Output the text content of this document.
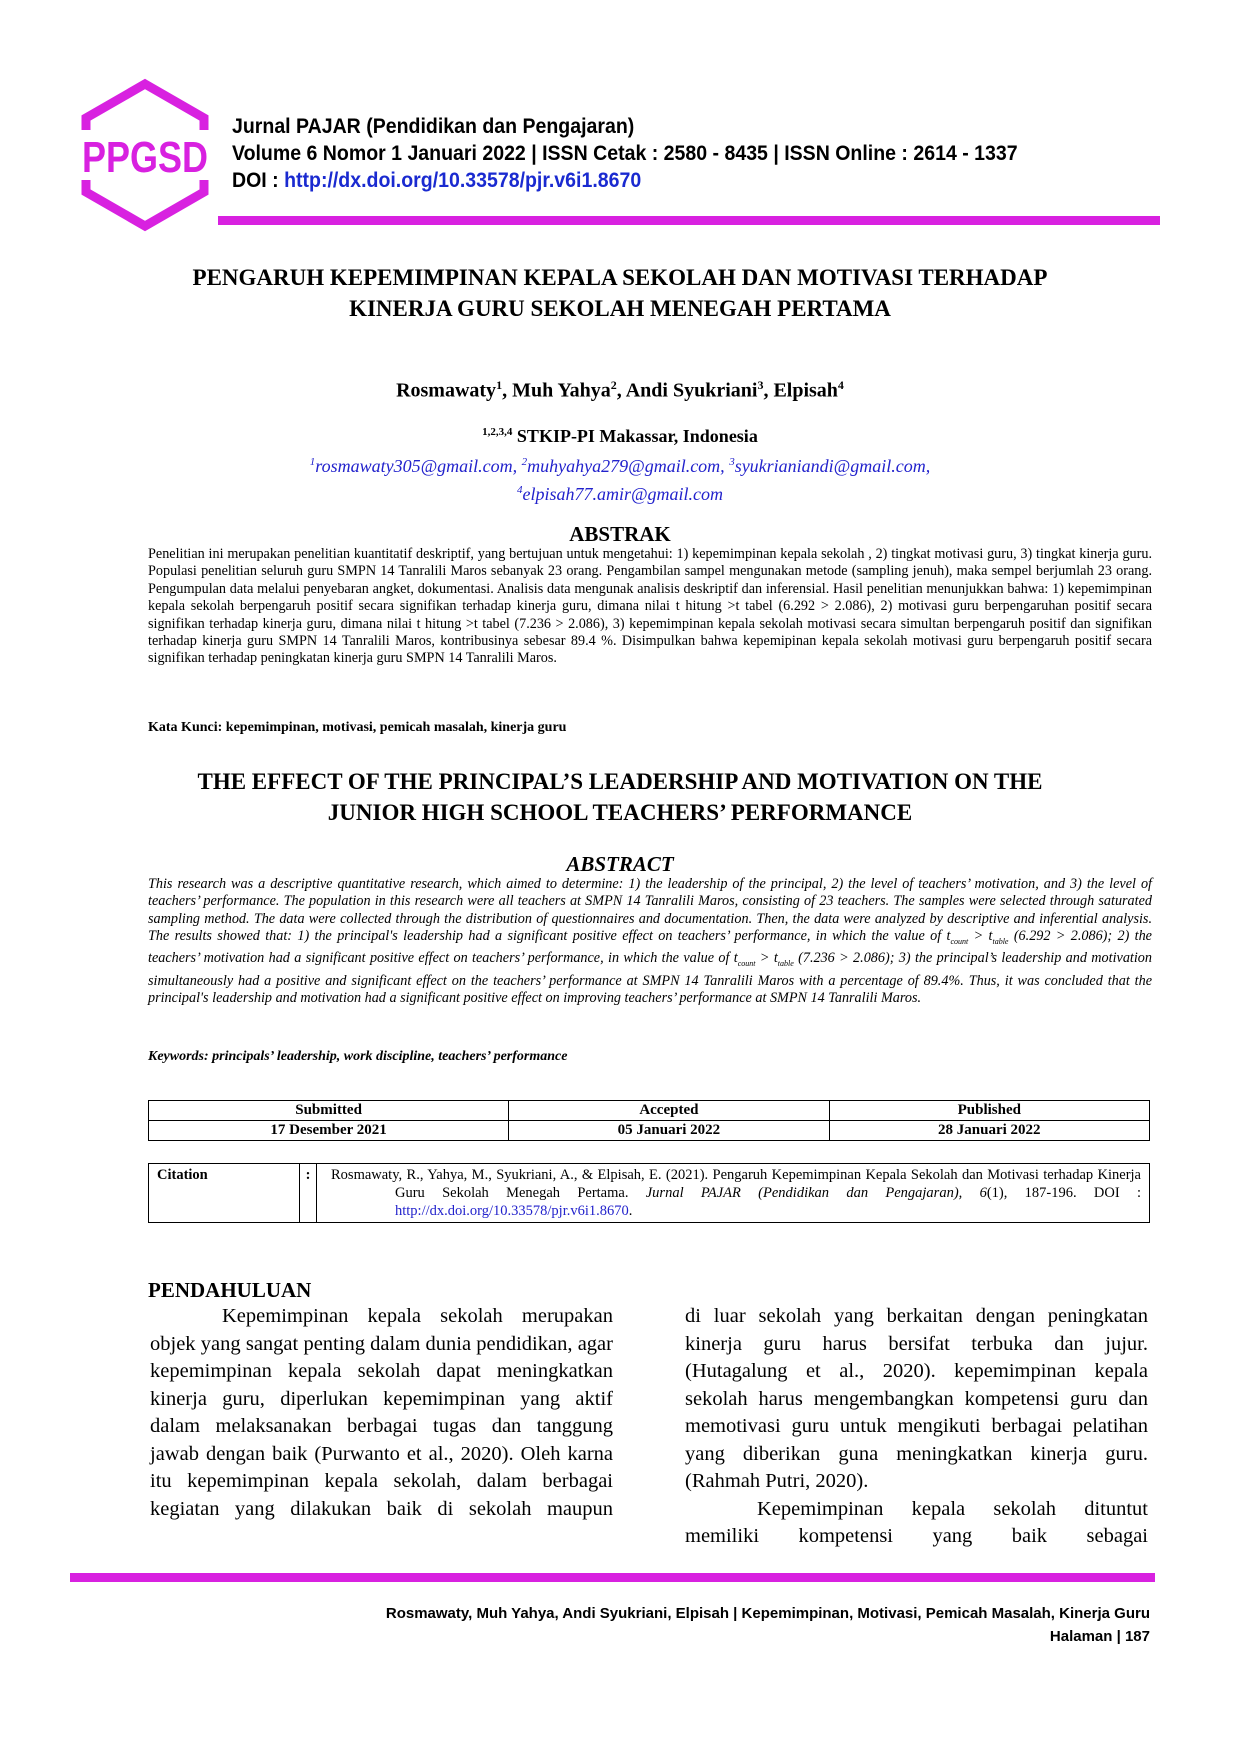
PPGSD
Jurnal PAJAR (Pendidikan dan Pengajaran)
Volume 6 Nomor 1 Januari 2022 | ISSN Cetak : 2580 - 8435 | ISSN Online : 2614 - 1337
DOI : http://dx.doi.org/10.33578/pjr.v6i1.8670
PENGARUH KEPEMIMPINAN KEPALA SEKOLAH DAN MOTIVASI TERHADAP
KINERJA GURU SEKOLAH MENEGAH PERTAMA
Rosmawaty$^1$, Muh Yahya$^2$, Andi Syukriani$^3$, Elpisah$^4$
$^{1,2,3,4}$ STKIP-PI Makassar, Indonesia
$^1$rosmawaty305@gmail.com, $^2$muhyahya279@gmail.com, $^3$syukrianiandi@gmail.com,
$^4$elpisah77.amir@gmail.com
ABSTRAK
Penelitian ini merupakan penelitian kuantitatif deskriptif, yang bertujuan untuk mengetahui: 1) kepemimpinan kepala sekolah , 2) tingkat motivasi guru, 3) tingkat kinerja guru. Populasi penelitian seluruh guru SMPN 14 Tanralili Maros sebanyak 23 orang. Pengambilan sampel mengunakan metode (sampling jenuh), maka sempel berjumlah 23 orang. Pengumpulan data melalui penyebaran angket, dokumentasi. Analisis data mengunak analisis deskriptif dan inferensial. Hasil penelitian menunjukkan bahwa: 1) kepemimpinan kepala sekolah berpengaruh positif secara signifikan terhadap kinerja guru, dimana nilai t hitung >t tabel (6.292 > 2.086), 2) motivasi guru berpengaruhan positif secara signifikan terhadap kinerja guru, dimana nilai t hitung >t tabel (7.236 > 2.086), 3) kepemimpinan kepala sekolah motivasi secara simultan berpengaruh positif dan signifikan terhadap kinerja guru SMPN 14 Tanralili Maros, kontribusinya sebesar 89.4 %. Disimpulkan bahwa kepemipinan kepala sekolah motivasi guru berpengaruh positif secara signifikan terhadap peningkatan kinerja guru SMPN 14 Tanralili Maros.
Kata Kunci: kepemimpinan, motivasi, pemicah masalah, kinerja guru
THE EFFECT OF THE PRINCIPAL’S LEADERSHIP AND MOTIVATION ON THE
JUNIOR HIGH SCHOOL TEACHERS’ PERFORMANCE
ABSTRACT
This research was a descriptive quantitative research, which aimed to determine: 1) the leadership of the principal, 2) the level of teachers’ motivation, and 3) the level of teachers’ performance. The population in this research were all teachers at SMPN 14 Tanralili Maros, consisting of 23 teachers. The samples were selected through saturated sampling method. The data were collected through the distribution of questionnaires and documentation. Then, the data were analyzed by descriptive and inferential analysis. The results showed that: 1) the principal's leadership had a significant positive effect on teachers’ performance, in which the value of $t_{count} > t_{table}$ (6.292 > 2.086); 2) the teachers’ motivation had a significant positive effect on teachers’ performance, in which the value of $t_{count} > t_{table}$ (7.236 > 2.086); 3) the principal’s leadership and motivation simultaneously had a positive and significant effect on the teachers’ performance at SMPN 14 Tanralili Maros with a percentage of 89.4%. Thus, it was concluded that the principal's leadership and motivation had a significant positive effect on improving teachers’ performance at SMPN 14 Tanralili Maros.
Keywords: principals’ leadership, work discipline, teachers’ performance
Submitted	Accepted	Published
17 Desember 2021	05 Januari 2022	28 Januari 2022
Citation	:	Rosmawaty, R., Yahya, M., Syukriani, A., & Elpisah, E. (2021). Pengaruh Kepemimpinan Kepala Sekolah dan Motivasi terhadap Kinerja Guru Sekolah Menegah Pertama. Jurnal PAJAR (Pendidikan dan Pengajaran), 6(1), 187-196. DOI : http://dx.doi.org/10.33578/pjr.v6i1.8670.
PENDAHULUAN

Kepemimpinan kepala sekolah merupakan objek yang sangat penting dalam dunia pendidikan, agar kepemimpinan kepala sekolah dapat meningkatkan kinerja guru, diperlukan kepemimpinan yang aktif dalam melaksanakan berbagai tugas dan tanggung jawab dengan baik (Purwanto et al., 2020). Oleh karna itu kepemimpinan kepala sekolah, dalam berbagai kegiatan yang dilakukan baik di sekolah maupun

di luar sekolah yang berkaitan dengan peningkatan kinerja guru harus bersifat terbuka dan jujur. (Hutagalung et al., 2020). kepemimpinan kepala sekolah harus mengembangkan kompetensi guru dan memotivasi guru untuk mengikuti berbagai pelatihan yang diberikan guna meningkatkan kinerja guru. (Rahmah Putri, 2020).

Kepemimpinan kepala sekolah dituntut memiliki kompetensi yang baik sebagai

Rosmawaty, Muh Yahya, Andi Syukriani, Elpisah | Kepemimpinan, Motivasi, Pemicah Masalah, Kinerja Guru
Halaman | 187
